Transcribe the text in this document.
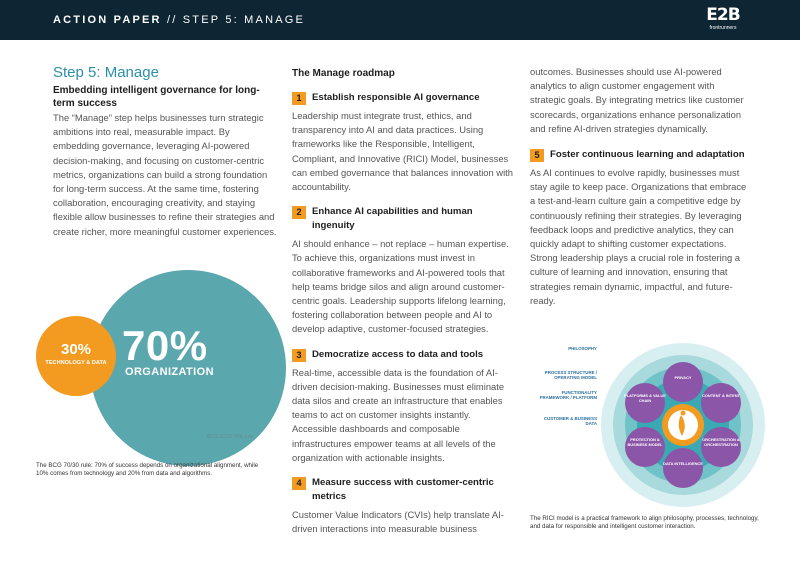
ACTION PAPER // STEP 5: MANAGE	E2B
frontrunners
Step 5: Manage
Embedding intelligent governance for long-term success
The “Manage” step helps businesses turn strategic ambitions into real, measurable impact. By embedding governance, leveraging AI-powered decision-making, and focusing on customer-centric metrics, organizations can build a strong foundation for long-term success. At the same time, fostering collaboration, encouraging creativity, and staying flexible allow businesses to refine their strategies and create richer, more meaningful customer experiences.
30%
TECHNOLOGY & DATA 70%
ORGANIZATION
BCG 10,20,70% rule
The BCG 70/30 rule: 70% of success depends on organizational alignment, while 10% comes from technology and 20% from data and algorithms.
The Manage roadmap
1	Establish responsible AI governance
Leadership must integrate trust, ethics, and transparency into AI and data practices. Using frameworks like the Responsible, Intelligent, Compliant, and Innovative (RICI) Model, businesses can embed governance that balances innovation with accountability.
2	Enhance AI capabilities and human ingenuity
AI should enhance – not replace – human expertise. To achieve this, organizations must invest in collaborative frameworks and AI-powered tools that help teams bridge silos and align around customer-centric goals. Leadership supports lifelong learning, fostering collaboration between people and AI to develop adaptive, customer-focused strategies.
3	Democratize access to data and tools
Real-time, accessible data is the foundation of AI-driven decision-making. Businesses must eliminate data silos and create an infrastructure that enables teams to act on customer insights instantly. Accessible dashboards and composable infrastructures empower teams at all levels of the organization with actionable insights.
4	Measure success with customer-centric metrics
Customer Value Indicators (CVIs) help translate AI-driven interactions into measurable business
outcomes. Businesses should use AI-powered analytics to align customer engagement with strategic goals. By integrating metrics like customer scorecards, organizations enhance personalization and refine AI-driven strategies dynamically.
5	Foster continuous learning and adaptation
As AI continues to evolve rapidly, businesses must stay agile to keep pace. Organizations that embrace a test-and-learn culture gain a competitive edge by continuously refining their strategies. By leveraging feedback loops and predictive analytics, they can quickly adapt to shifting customer expectations. Strong leadership plays a crucial role in fostering a culture of learning and innovation, ensuring that strategies remain dynamic, impactful, and future-ready.
PHILOSOPHY
PROCESS STRUCTURE / OPERATING MODEL
FUNCTIONALITY FRAMEWORK / PLATFORM
CUSTOMER & BUSINESS DATA
PRIVACY
CONTENT & INTENT
ORCHESTRATION & ORCHESTRATION
DATA INTELLIGENCE
PROTECTION & BUSINESS MODEL
PLATFORMS & VALUE CHAIN
The RICI model is a practical framework to align philosophy, processes, technology, and data for responsible and intelligent customer interaction.
